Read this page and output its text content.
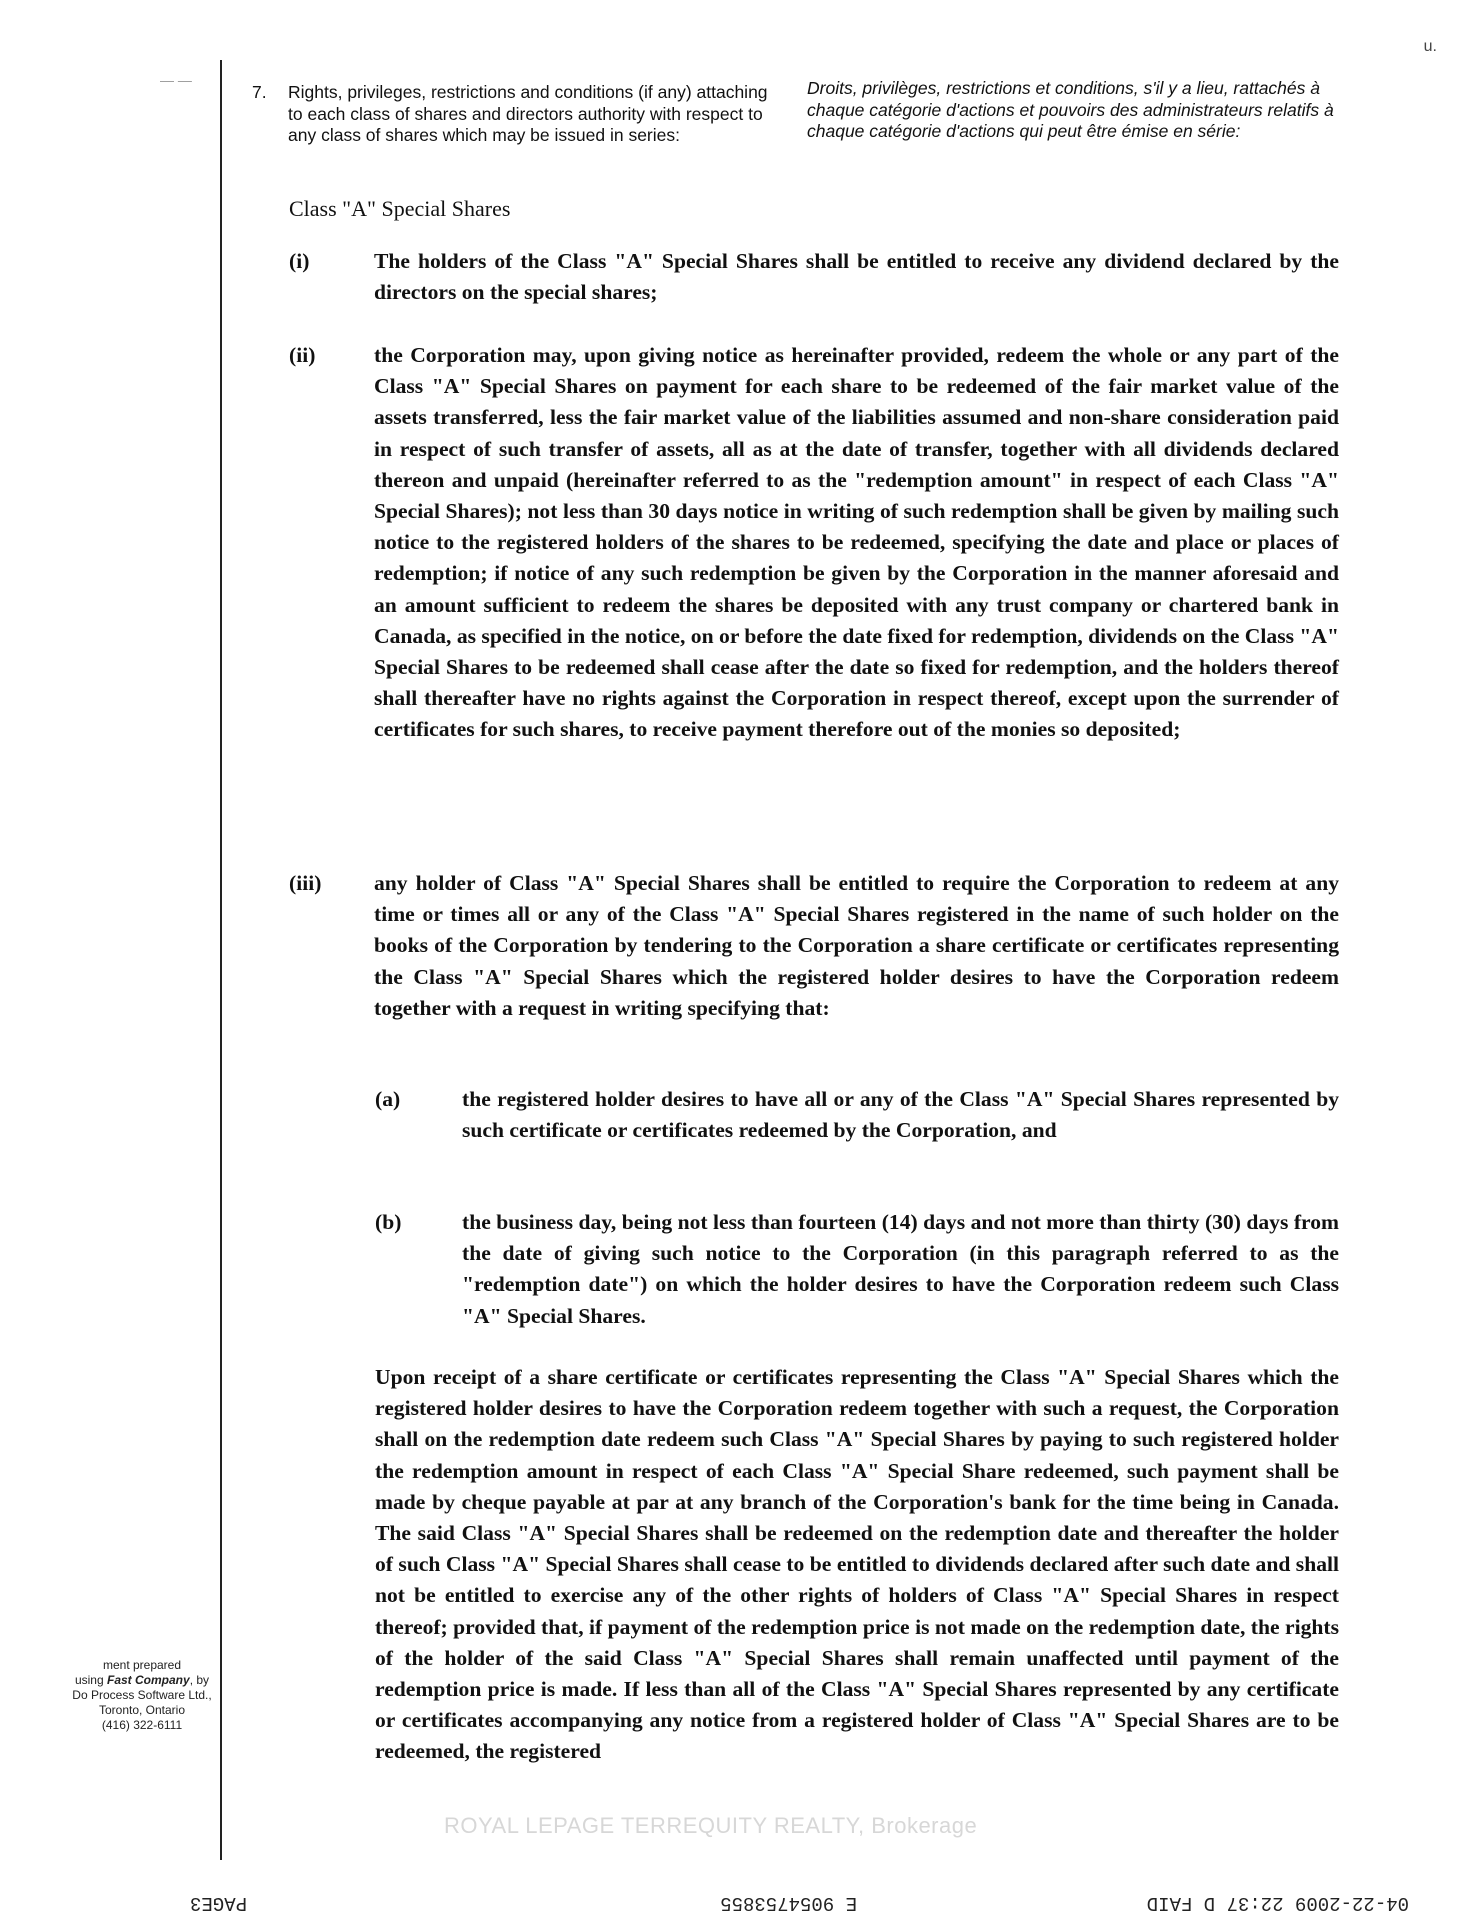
u.
— —
7.	Rights, privileges, restrictions and conditions (if any) attaching to each class of shares and directors authority with respect to any class of shares which may be issued in series:
Droits, privilèges, restrictions et conditions, s'il y a lieu, rattachés à chaque catégorie d'actions et pouvoirs des administrateurs relatifs à chaque catégorie d'actions qui peut être émise en série:
Class "A" Special Shares
(i)	The holders of the Class "A" Special Shares shall be entitled to receive any dividend declared by the directors on the special shares;
(ii)	the Corporation may, upon giving notice as hereinafter provided, redeem the whole or any part of the Class "A" Special Shares on payment for each share to be redeemed of the fair market value of the assets transferred, less the fair market value of the liabilities assumed and non-share consideration paid in respect of such transfer of assets, all as at the date of transfer, together with all dividends declared thereon and unpaid (hereinafter referred to as the "redemption amount" in respect of each Class "A" Special Shares); not less than 30 days notice in writing of such redemption shall be given by mailing such notice to the registered holders of the shares to be redeemed, specifying the date and place or places of redemption; if notice of any such redemption be given by the Corporation in the manner aforesaid and an amount sufficient to redeem the shares be deposited with any trust company or chartered bank in Canada, as specified in the notice, on or before the date fixed for redemption, dividends on the Class "A" Special Shares to be redeemed shall cease after the date so fixed for redemption, and the holders thereof shall thereafter have no rights against the Corporation in respect thereof, except upon the surrender of certificates for such shares, to receive payment therefore out of the monies so deposited;
(iii)	any holder of Class "A" Special Shares shall be entitled to require the Corporation to redeem at any time or times all or any of the Class "A" Special Shares registered in the name of such holder on the books of the Corporation by tendering to the Corporation a share certificate or certificates representing the Class "A" Special Shares which the registered holder desires to have the Corporation redeem together with a request in writing specifying that:
(a)	the registered holder desires to have all or any of the Class "A" Special Shares represented by such certificate or certificates redeemed by the Corporation, and
(b)	the business day, being not less than fourteen (14) days and not more than thirty (30) days from the date of giving such notice to the Corporation (in this paragraph referred to as the "redemption date") on which the holder desires to have the Corporation redeem such Class "A" Special Shares.
Upon receipt of a share certificate or certificates representing the Class "A" Special Shares which the registered holder desires to have the Corporation redeem together with such a request, the Corporation shall on the redemption date redeem such Class "A" Special Shares by paying to such registered holder the redemption amount in respect of each Class "A" Special Share redeemed, such payment shall be made by cheque payable at par at any branch of the Corporation's bank for the time being in Canada. The said Class "A" Special Shares shall be redeemed on the redemption date and thereafter the holder of such Class "A" Special Shares shall cease to be entitled to dividends declared after such date and shall not be entitled to exercise any of the other rights of holders of Class "A" Special Shares in respect thereof; provided that, if payment of the redemption price is not made on the redemption date, the rights of the holder of the said Class "A" Special Shares shall remain unaffected until payment of the redemption price is made. If less than all of the Class "A" Special Shares represented by any certificate or certificates accompanying any notice from a registered holder of Class "A" Special Shares are to be redeemed, the registered
ment prepared
using Fast Company, by
Do Process Software Ltd.,
Toronto, Ontario
(416) 322-6111
ROYAL LEPAGE TERREQUITY REALTY, Brokerage
04-22-2009 22:37 D FAID
E 9054753855
PAGE3
